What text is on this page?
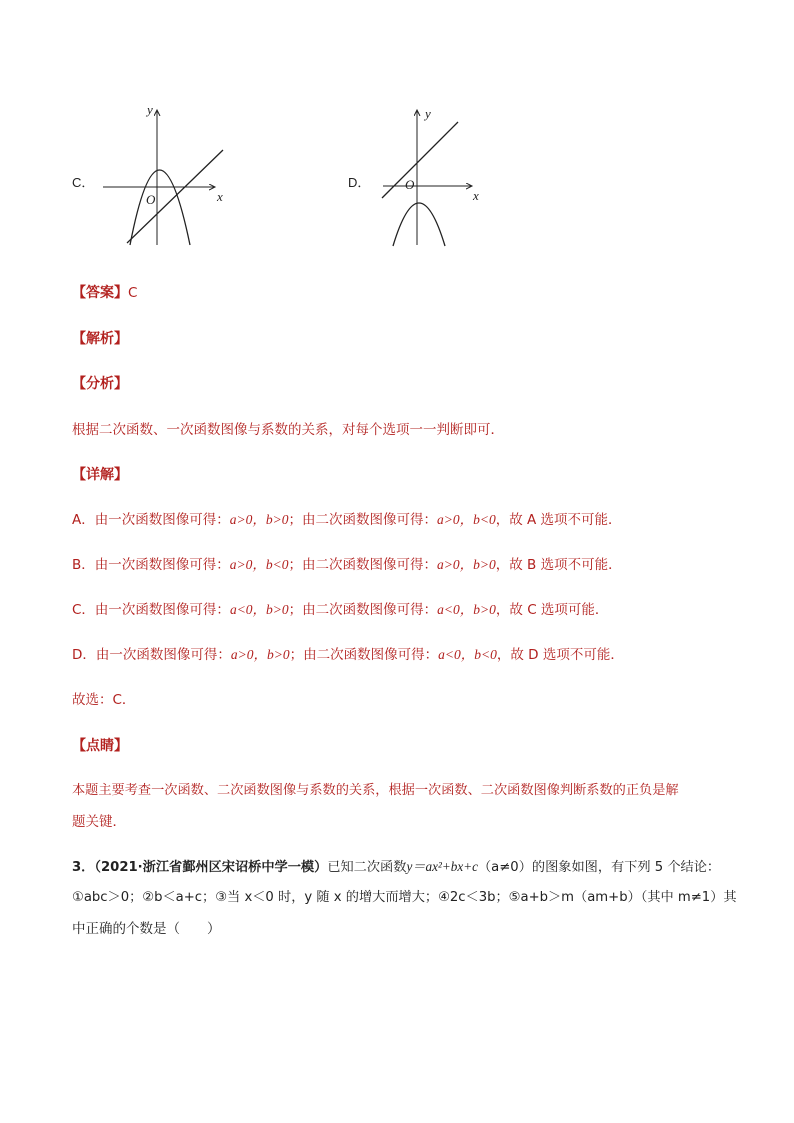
C．
y
x
O
D．
y
x
O
【答案】C
【解析】
【分析】
根据二次函数、一次函数图像与系数的关系，对每个选项一一判断即可．
【详解】
A．由一次函数图像可得：a>0，b>0；由二次函数图像可得：a>0，b<0，故 A 选项不可能．
B．由一次函数图像可得：a>0，b<0；由二次函数图像可得：a>0，b>0，故 B 选项不可能．
C．由一次函数图像可得：a<0，b>0；由二次函数图像可得：a<0，b>0，故 C 选项可能．
D．由一次函数图像可得：a>0，b>0；由二次函数图像可得：a<0，b<0，故 D 选项不可能．
故选：C．
【点睛】
本题主要考查一次函数、二次函数图像与系数的关系，根据一次函数、二次函数图像判断系数的正负是解
题关键．
3．（2021·浙江省鄞州区宋诏桥中学一模）已知二次函数y＝ax²+bx+c（a≠0）的图象如图，有下列 5 个结论：
①abc＞0；②b＜a+c；③当 x＜0 时，y 随 x 的增大而增大；④2c＜3b；⑤a+b＞m（am+b）（其中 m≠1）其
中正确的个数是（　　）
